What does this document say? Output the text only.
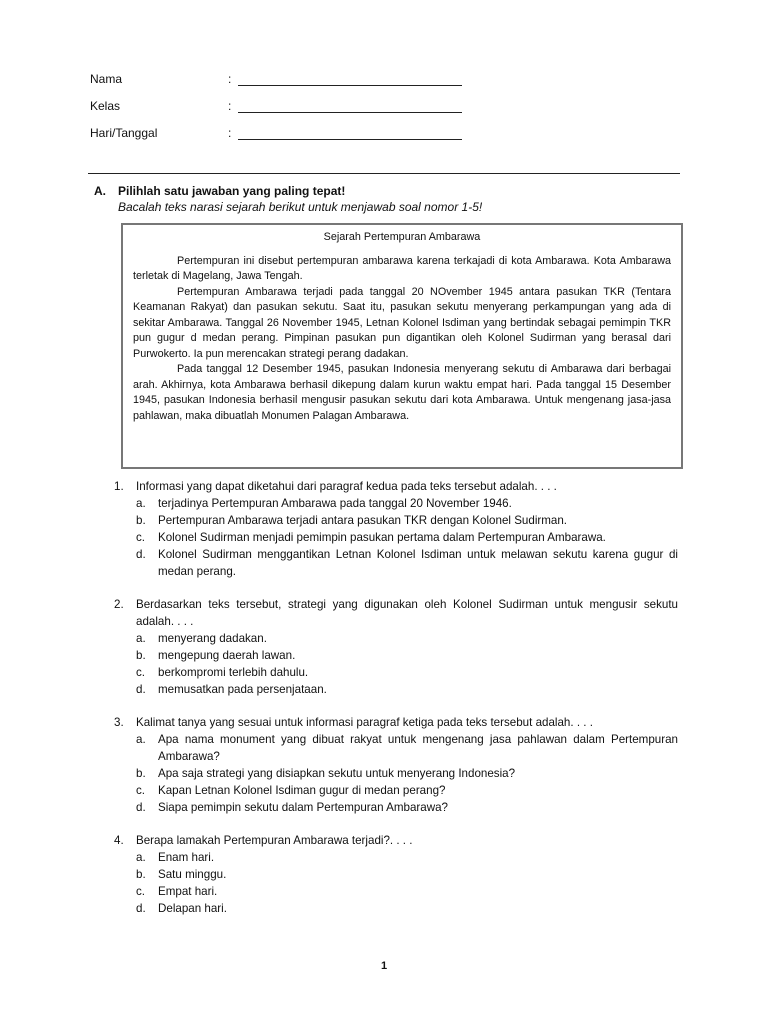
Nama	:
Kelas	:
Hari/Tanggal	:
A.	Pilihlah satu jawaban yang paling tepat!
Bacalah teks narasi sejarah berikut untuk menjawab soal nomor 1-5!
Sejarah Pertempuran Ambarawa

Pertempuran ini disebut pertempuran ambarawa karena terkajadi di kota Ambarawa. Kota Ambarawa terletak di Magelang, Jawa Tengah.

Pertempuran Ambarawa terjadi pada tanggal 20 NOvember 1945 antara pasukan TKR (Tentara Keamanan Rakyat) dan pasukan sekutu. Saat itu, pasukan sekutu menyerang perkampungan yang ada di sekitar Ambarawa. Tanggal 26 November 1945, Letnan Kolonel Isdiman yang bertindak sebagai pemimpin TKR pun gugur d medan perang. Pimpinan pasukan pun digantikan oleh Kolonel Sudirman yang berasal dari Purwokerto. Ia pun merencakan strategi perang dadakan.

Pada tanggal 12 Desember 1945, pasukan Indonesia menyerang sekutu di Ambarawa dari berbagai arah. Akhirnya, kota Ambarawa berhasil dikepung dalam kurun waktu empat hari. Pada tanggal 15 Desember 1945, pasukan Indonesia berhasil mengusir pasukan sekutu dari kota Ambarawa. Untuk mengenang jasa-jasa pahlawan, maka dibuatlah Monumen Palagan Ambarawa.

1.	Informasi yang dapat diketahui dari paragraf kedua pada teks tersebut adalah. . . .
a.	terjadinya Pertempuran Ambarawa pada tanggal 20 November 1946.
b.	Pertempuran Ambarawa terjadi antara pasukan TKR dengan Kolonel Sudirman.
c.	Kolonel Sudirman menjadi pemimpin pasukan pertama dalam Pertempuran Ambarawa.
d.	Kolonel Sudirman menggantikan Letnan Kolonel Isdiman untuk melawan sekutu karena gugur di medan perang.
2.	Berdasarkan teks tersebut, strategi yang digunakan oleh Kolonel Sudirman untuk mengusir sekutu adalah. . . .
a.	menyerang dadakan.
b.	mengepung daerah lawan.
c.	berkompromi terlebih dahulu.
d.	memusatkan pada persenjataan.
3.	Kalimat tanya yang sesuai untuk informasi paragraf ketiga pada teks tersebut adalah. . . .
a.	Apa nama monument yang dibuat rakyat untuk mengenang jasa pahlawan dalam Pertempuran Ambarawa?
b.	Apa saja strategi yang disiapkan sekutu untuk menyerang Indonesia?
c.	Kapan Letnan Kolonel Isdiman gugur di medan perang?
d.	Siapa pemimpin sekutu dalam Pertempuran Ambarawa?
4.	Berapa lamakah Pertempuran Ambarawa terjadi?. . . .
a.	Enam hari.
b.	Satu minggu.
c.	Empat hari.
d.	Delapan hari.
1
